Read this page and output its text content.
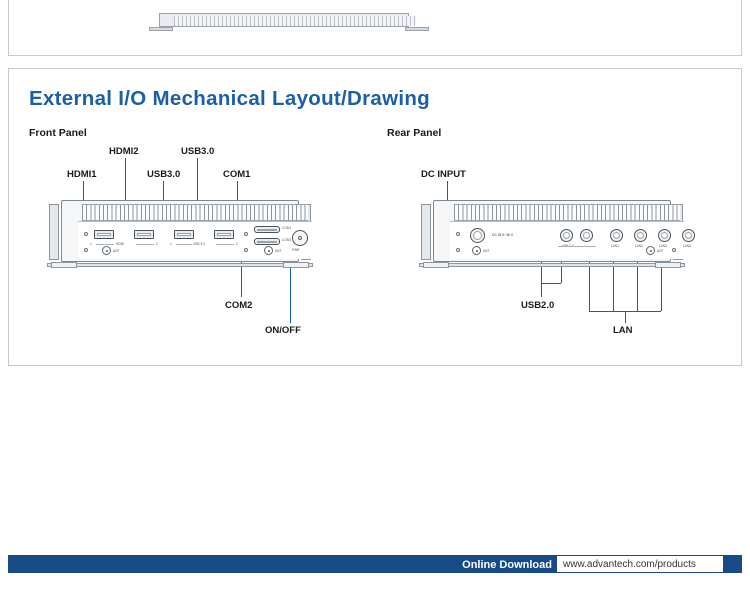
External I/O Mechanical Layout/Drawing
Front Panel	Rear Panel
HDMI1
HDMI2
USB3.0
USB3.0
COM1
COM2
ON/OFF
1	HDMI	2	1	USB 3.0	2
COM1
COM2
ANT	ANT	PWR
DC INPUT
USB2.0
LAN
DC IN 9~36 V
LAN1	LAN2	LAN3	LAN4
ANT	ANT
Online Download www.advantech.com/products
